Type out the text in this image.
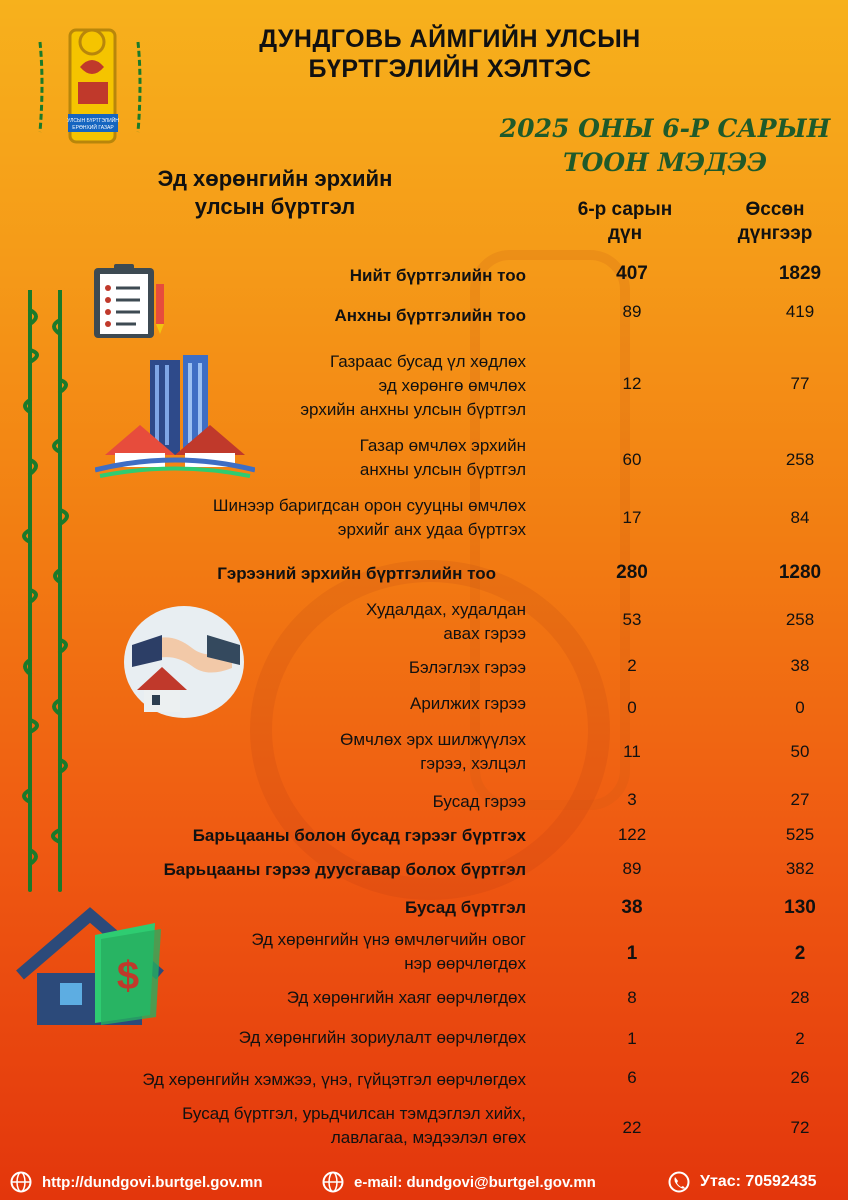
УЛСЫН БҮРТГЭЛИЙН
ЕРӨНХИЙ ГАЗАР
ДУНДГОВЬ АЙМГИЙН УЛСЫН
БҮРТГЭЛИЙН ХЭЛТЭС
2025 ОНЫ 6-Р САРЫН
ТООН МЭДЭЭ
Эд хөрөнгийн эрхийн
улсын бүртгэл	6-р сарын
дүн
Өссөн
дүнгээр
$
Нийт бүртгэлийн тоо	407	1829
Анхны бүртгэлийн тоо	89	419
Газраас бусад үл хөдлөх
эд хөрөнгө өмчлөх
эрхийн анхны улсын бүртгэл
12	77
Газар өмчлөх эрхийн
анхны улсын бүртгэл
60	258
Шинээр баригдсан орон сууцны өмчлөх
эрхийг анх удаа бүртгэх
17	84
Гэрээний эрхийн бүртгэлийн тоо	280	1280
Худалдах, худалдан
авах гэрээ
53	258
Бэлэглэх гэрээ	2	38
Арилжих гэрээ	0	0
Өмчлөх эрх шилжүүлэх
гэрээ, хэлцэл
11	50
Бусад гэрээ	3	27
Барьцааны болон бусад гэрээг бүртгэх	122	525
Барьцааны гэрээ дуусгавар болох бүртгэл	89	382
Бусад бүртгэл	38	130
Эд хөрөнгийн үнэ өмчлөгчийн овог
нэр өөрчлөгдөх	1	2
Эд хөрөнгийн хаяг өөрчлөгдөх	8	28
Эд хөрөнгийн зориулалт өөрчлөгдөх	1	2
Эд хөрөнгийн хэмжээ, үнэ, гүйцэтгэл өөрчлөгдөх	6	26
Бусад бүртгэл, урьдчилсан тэмдэглэл хийх,
лавлагаа, мэдээлэл өгөх
22	72
http://dundgovi.burtgel.gov.mn	e-mail: dundgovi@burtgel.gov.mn	Утас: 70592435
